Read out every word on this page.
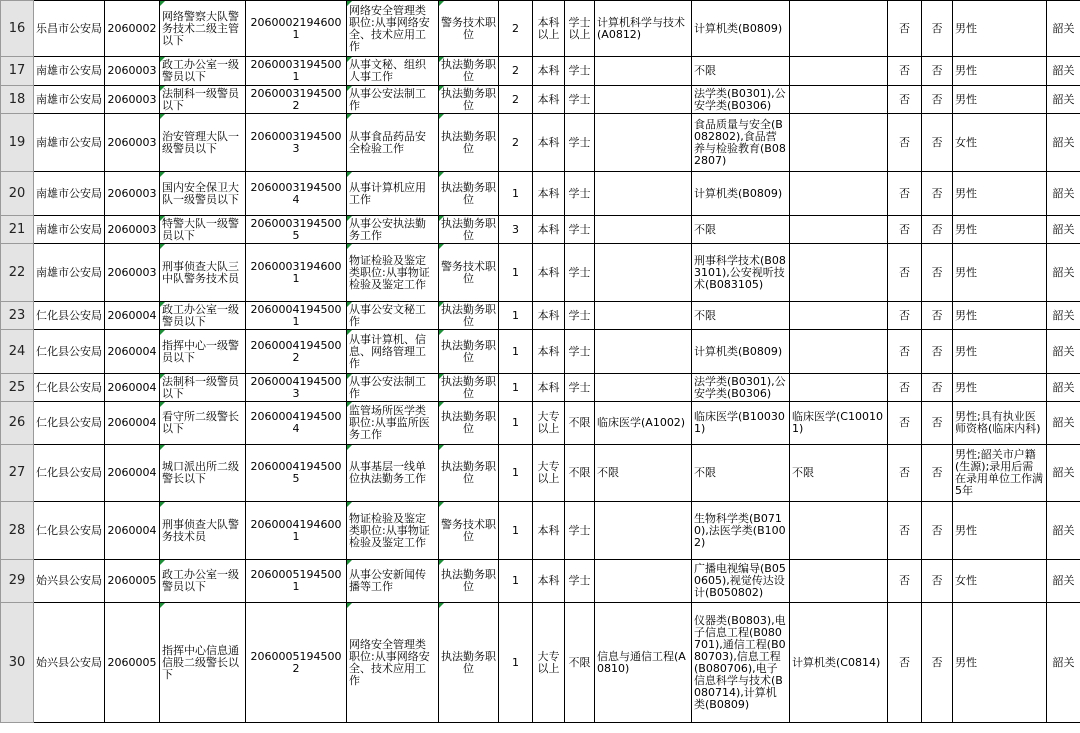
16	乐昌市公安局	2060002	网络警察大队警务技术二级主管以下	20600021946001	网络安全管理类职位:从事网络安全、技术应用工作	警务技术职位	2	本科以上	学士以上	计算机科学与技术(A0812)	计算机类(B0809)		否	否	男性	韶关
17	南雄市公安局	2060003	政工办公室一级警员以下	20600031945001	从事文秘、组织人事工作	执法勤务职位	2	本科	学士		不限		否	否	男性	韶关
18	南雄市公安局	2060003	法制科一级警员以下	20600031945002	从事公安法制工作	执法勤务职位	2	本科	学士		法学类(B0301),公安学类(B0306)		否	否	男性	韶关
19	南雄市公安局	2060003	治安管理大队一级警员以下	20600031945003	从事食品药品安全检验工作	执法勤务职位	2	本科	学士		食品质量与安全(B082802),食品营养与检验教育(B082807)		否	否	女性	韶关
20	南雄市公安局	2060003	国内安全保卫大队一级警员以下	20600031945004	从事计算机应用工作	执法勤务职位	1	本科	学士		计算机类(B0809)		否	否	男性	韶关
21	南雄市公安局	2060003	特警大队一级警员以下	20600031945005	从事公安执法勤务工作	执法勤务职位	3	本科	学士		不限		否	否	男性	韶关
22	南雄市公安局	2060003	刑事侦查大队三中队警务技术员	20600031946001	物证检验及鉴定类职位:从事物证检验及鉴定工作	警务技术职位	1	本科	学士		刑事科学技术(B083101),公安视听技术(B083105)		否	否	男性	韶关
23	仁化县公安局	2060004	政工办公室一级警员以下	20600041945001	从事公安文秘工作	执法勤务职位	1	本科	学士		不限		否	否	男性	韶关
24	仁化县公安局	2060004	指挥中心一级警员以下	20600041945002	从事计算机、信息、网络管理工作	执法勤务职位	1	本科	学士		计算机类(B0809)		否	否	男性	韶关
25	仁化县公安局	2060004	法制科一级警员以下	20600041945003	从事公安法制工作	执法勤务职位	1	本科	学士		法学类(B0301),公安学类(B0306)		否	否	男性	韶关
26	仁化县公安局	2060004	看守所二级警长以下	20600041945004	监管场所医学类职位:从事监所医务工作	执法勤务职位	1	大专以上	不限	临床医学(A1002)	临床医学(B100301)	临床医学(C100101)	否	否	男性;具有执业医师资格(临床内科)	韶关
27	仁化县公安局	2060004	城口派出所二级警长以下	20600041945005	从事基层一线单位执法勤务工作	执法勤务职位	1	大专以上	不限	不限	不限	不限	否	否	男性;韶关市户籍(生源);录用后需在录用单位工作满5年	韶关
28	仁化县公安局	2060004	刑事侦查大队警务技术员	20600041946001	物证检验及鉴定类职位:从事物证检验及鉴定工作	警务技术职位	1	本科	学士		生物科学类(B0710),法医学类(B1002)		否	否	男性	韶关
29	始兴县公安局	2060005	政工办公室一级警员以下	20600051945001	从事公安新闻传播等工作	执法勤务职位	1	本科	学士		广播电视编导(B050605),视觉传达设计(B050802)		否	否	女性	韶关
30	始兴县公安局	2060005	指挥中心信息通信股二级警长以下	20600051945002	网络安全管理类职位:从事网络安全、技术应用工作	执法勤务职位	1	大专以上	不限	信息与通信工程(A0810)	仪器类(B0803),电子信息工程(B080701),通信工程(B080703),信息工程(B080706),电子信息科学与技术(B080714),计算机类(B0809)	计算机类(C0814)	否	否	男性	韶关
